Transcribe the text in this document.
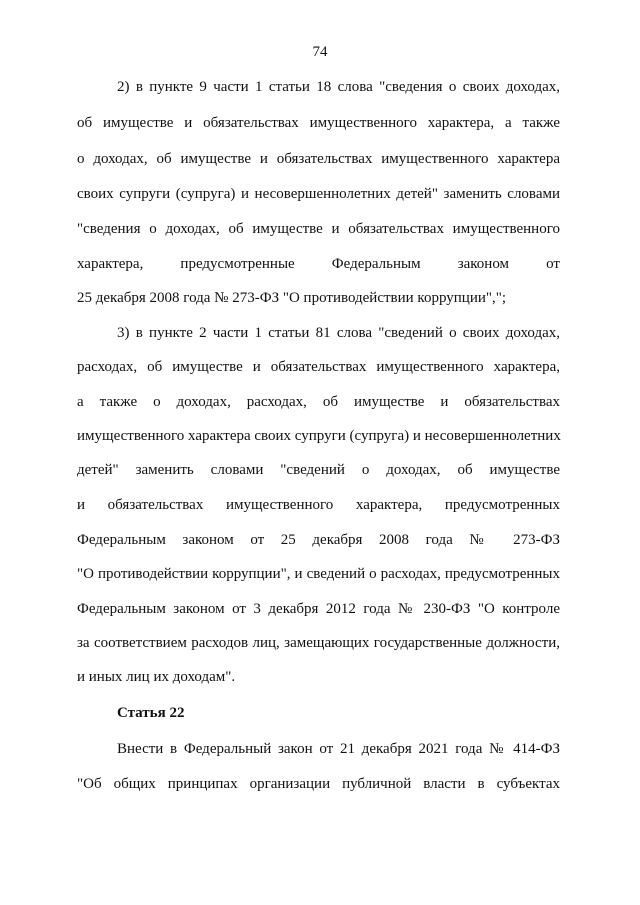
74
2) в пункте 9 части 1 статьи 18 слова "сведения о своих доходах,
об имуществе и обязательствах имущественного характера, а также
о доходах, об имуществе и обязательствах имущественного характера
своих супруги (супруга) и несовершеннолетних детей" заменить словами
"сведения о доходах, об имуществе и обязательствах имущественного
характера, предусмотренные Федеральным законом от
25 декабря 2008 года № 273-ФЗ "О противодействии коррупции",";
3) в пункте 2 части 1 статьи 81 слова "сведений о своих доходах,
расходах, об имуществе и обязательствах имущественного характера,
а также о доходах, расходах, об имуществе и обязательствах
имущественного характера своих супруги (супруга) и несовершеннолетних
детей" заменить словами "сведений о доходах, об имуществе
и обязательствах имущественного характера, предусмотренных
Федеральным законом от 25 декабря 2008 года № 273-ФЗ
"О противодействии коррупции", и сведений о расходах, предусмотренных
Федеральным законом от 3 декабря 2012 года № 230-ФЗ "О контроле
за соответствием расходов лиц, замещающих государственные должности,
и иных лиц их доходам".
Статья 22
Внести в Федеральный закон от 21 декабря 2021 года № 414-ФЗ
"Об общих принципах организации публичной власти в субъектах
